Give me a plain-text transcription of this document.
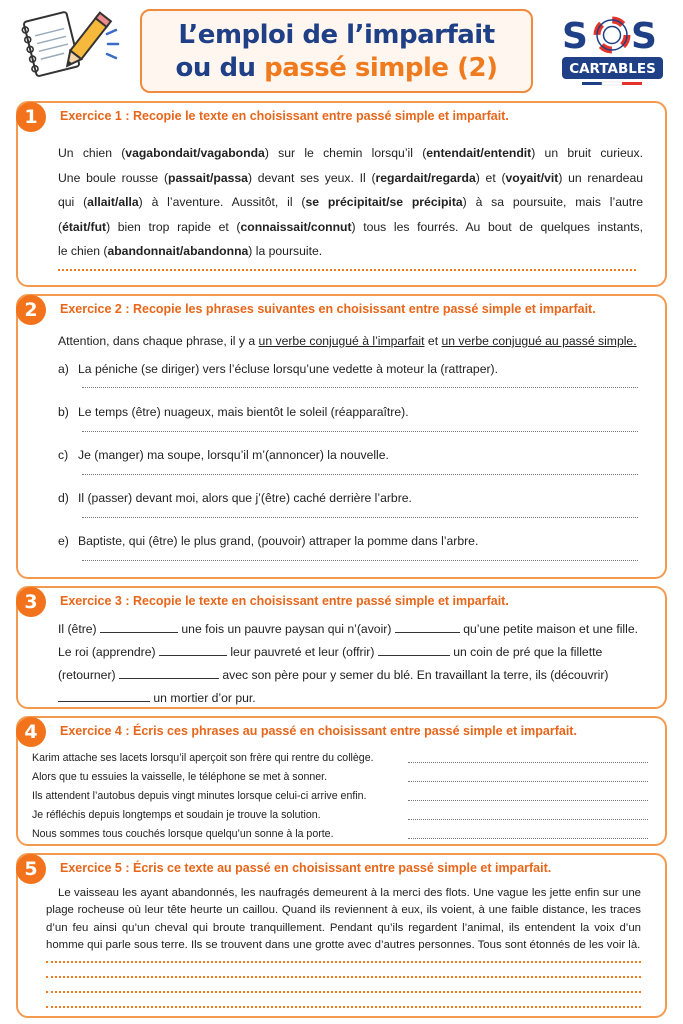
L’emploi de l’imparfait
ou du passé simple (2)
S S
CARTABLES
1	Exercice 1 : Recopie le texte en choisissant entre passé simple et imparfait.
Un chien (vagabondait/vagabonda) sur le chemin lorsqu’il (entendait/entendit) un bruit curieux.
Une boule rousse (passait/passa) devant ses yeux. Il (regardait/regarda) et (voyait/vit) un renardeau
qui (allait/alla) à l’aventure. Aussitôt, il (se précipitait/se précipita) à sa poursuite, mais l’autre
(était/fut) bien trop rapide et (connaissait/connut) tous les fourrés. Au bout de quelques instants,
le chien (abandonnait/abandonna) la poursuite.
2	Exercice 2 : Recopie les phrases suivantes en choisissant entre passé simple et imparfait.
Attention, dans chaque phrase, il y a un verbe conjugué à l’imparfait et un verbe conjugué au passé simple.
a) La péniche (se diriger) vers l’écluse lorsqu’une vedette à moteur la (rattraper).
b) Le temps (être) nuageux, mais bientôt le soleil (réapparaître).
c) Je (manger) ma soupe, lorsqu’il m’(annoncer) la nouvelle.
d) Il (passer) devant moi, alors que j’(être) caché derrière l’arbre.
e) Baptiste, qui (être) le plus grand, (pouvoir) attraper la pomme dans l’arbre.
3	Exercice 3 : Recopie le texte en choisissant entre passé simple et imparfait.
Il (être)	une fois un pauvre paysan qui n’(avoir)	qu’une petite maison et une fille.
Le roi (apprendre)	leur pauvreté et leur (offrir)	un coin de pré que la fillette
(retourner)	avec son père pour y semer du blé. En travaillant la terre, ils (découvrir)
un mortier d’or pur.
4	Exercice 4 : Écris ces phrases au passé en choisissant entre passé simple et imparfait.
Karim attache ses lacets lorsqu’il aperçoit son frère qui rentre du collège.
Alors que tu essuies la vaisselle, le téléphone se met à sonner.
Ils attendent l’autobus depuis vingt minutes lorsque celui-ci arrive enfin.
Je réfléchis depuis longtemps et soudain je trouve la solution.
Nous sommes tous couchés lorsque quelqu’un sonne à la porte.
5	Exercice 5 : Écris ce texte au passé en choisissant entre passé simple et imparfait.
Le vaisseau les ayant abandonnés, les naufragés demeurent à la merci des flots. Une vague les jette enfin sur une plage rocheuse où leur tête heurte un caillou. Quand ils reviennent à eux, ils voient, à une faible distance, les traces d’un feu ainsi qu’un cheval qui broute tranquillement. Pendant qu’ils regardent l’animal, ils entendent la voix d’un homme qui parle sous terre. Ils se trouvent dans une grotte avec d’autres personnes. Tous sont étonnés de les voir là.
